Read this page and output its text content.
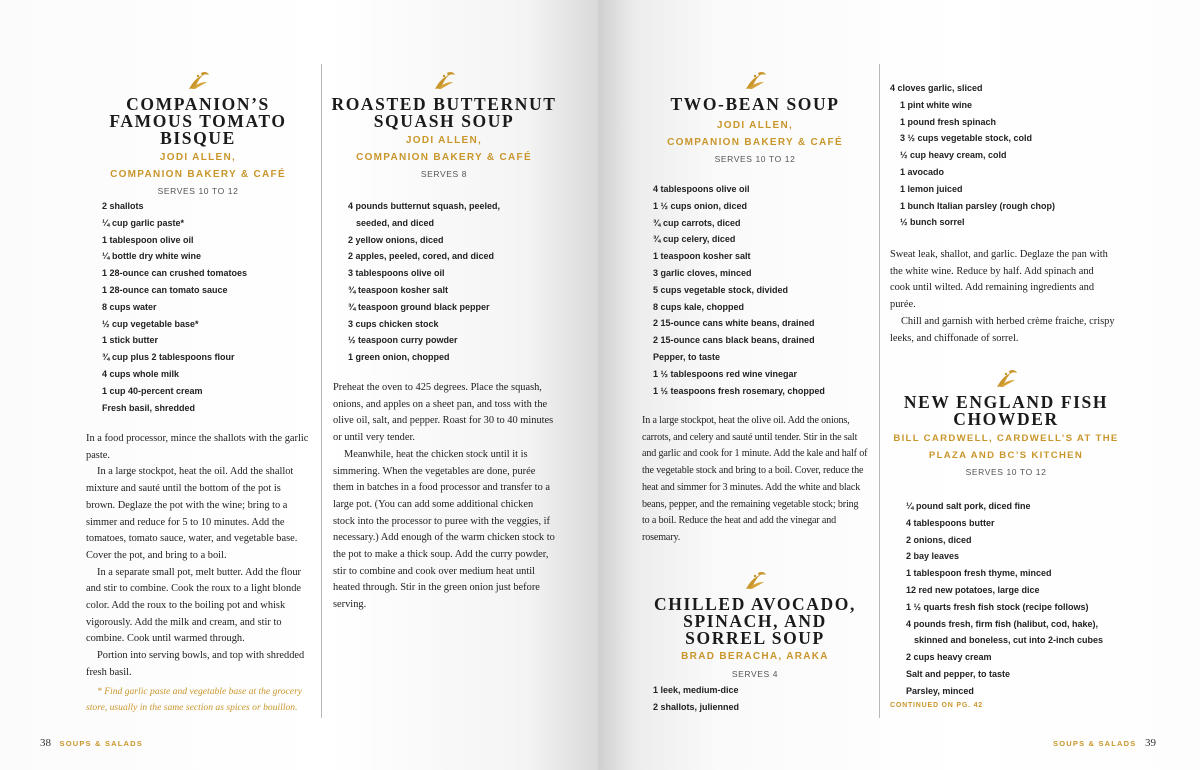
COMPANION’S FAMOUS TOMATO BISQUE
JODI ALLEN,
COMPANION BAKERY & CAFÉ
SERVES 10 TO 12
2 shallots
¼ cup garlic paste*
1 tablespoon olive oil
¼ bottle dry white wine
1 28-ounce can crushed tomatoes
1 28-ounce can tomato sauce
8 cups water
½ cup vegetable base*
1 stick butter
¾ cup plus 2 tablespoons flour
4 cups whole milk
1 cup 40-percent cream
Fresh basil, shredded

In a food processor, mince the shallots with the garlic paste.

In a large stockpot, heat the oil. Add the shallot mixture and sauté until the bottom of the pot is brown. Deglaze the pot with the wine; bring to a simmer and reduce for 5 to 10 minutes. Add the tomatoes, tomato sauce, water, and vegetable base. Cover the pot, and bring to a boil.

In a separate small pot, melt butter. Add the flour and stir to combine. Cook the roux to a light blonde color. Add the roux to the boiling pot and whisk vigorously. Add the milk and cream, and stir to combine. Cook until warmed through.

Portion into serving bowls, and top with shredded fresh basil.

* Find garlic paste and vegetable base at the grocery store, usually in the same section as spices or bouillon.
ROASTED BUTTERNUT SQUASH SOUP
JODI ALLEN,
COMPANION BAKERY & CAFÉ
SERVES 8
4 pounds butternut squash, peeled,
seeded, and diced
2 yellow onions, diced
2 apples, peeled, cored, and diced
3 tablespoons olive oil
¾ teaspoon kosher salt
¾ teaspoon ground black pepper
3 cups chicken stock
½ teaspoon curry powder
1 green onion, chopped

Preheat the oven to 425 degrees. Place the squash, onions, and apples on a sheet pan, and toss with the olive oil, salt, and pepper. Roast for 30 to 40 minutes or until very tender.

Meanwhile, heat the chicken stock until it is simmering. When the vegetables are done, purée them in batches in a food processor and transfer to a large pot. (You can add some additional chicken stock into the processor to puree with the veggies, if necessary.) Add enough of the warm chicken stock to the pot to make a thick soup. Add the curry powder, stir to combine and cook over medium heat until heated through. Stir in the green onion just before serving.

38 SOUPS & SALADS
TWO-BEAN SOUP
JODI ALLEN,
COMPANION BAKERY & CAFÉ
SERVES 10 TO 12
4 tablespoons olive oil
1 ½ cups onion, diced
¾ cup carrots, diced
¾ cup celery, diced
1 teaspoon kosher salt
3 garlic cloves, minced
5 cups vegetable stock, divided
8 cups kale, chopped
2 15-ounce cans white beans, drained
2 15-ounce cans black beans, drained
Pepper, to taste
1 ½ tablespoons red wine vinegar
1 ½ teaspoons fresh rosemary, chopped

In a large stockpot, heat the olive oil. Add the onions, carrots, and celery and sauté until tender. Stir in the salt and garlic and cook for 1 minute. Add the kale and half of the vegetable stock and bring to a boil. Cover, reduce the heat and simmer for 3 minutes. Add the white and black beans, pepper, and the remaining vegetable stock; bring to a boil. Reduce the heat and add the vinegar and rosemary.

CHILLED AVOCADO, SPINACH, AND SORREL SOUP
BRAD BERACHA, ARAKA
SERVES 4
1 leek, medium-dice
2 shallots, julienned
4 cloves garlic, sliced
1 pint white wine
1 pound fresh spinach
3 ½ cups vegetable stock, cold
½ cup heavy cream, cold
1 avocado
1 lemon juiced
1 bunch Italian parsley (rough chop)
½ bunch sorrel

Sweat leak, shallot, and garlic. Deglaze the pan with the white wine. Reduce by half. Add spinach and cook until wilted. Add remaining ingredients and purée.

Chill and garnish with herbed crème fraiche, crispy leeks, and chiffonade of sorrel.

NEW ENGLAND FISH CHOWDER
BILL CARDWELL, CARDWELL’S AT THE
PLAZA AND BC’S KITCHEN
SERVES 10 TO 12
¼ pound salt pork, diced fine
4 tablespoons butter
2 onions, diced
2 bay leaves
1 tablespoon fresh thyme, minced
12 red new potatoes, large dice
1 ½ quarts fresh fish stock (recipe follows)
4 pounds fresh, firm fish (halibut, cod, hake),
skinned and boneless, cut into 2-inch cubes
2 cups heavy cream
Salt and pepper, to taste
Parsley, minced
CONTINUED ON PG. 42
SOUPS & SALADS 39
